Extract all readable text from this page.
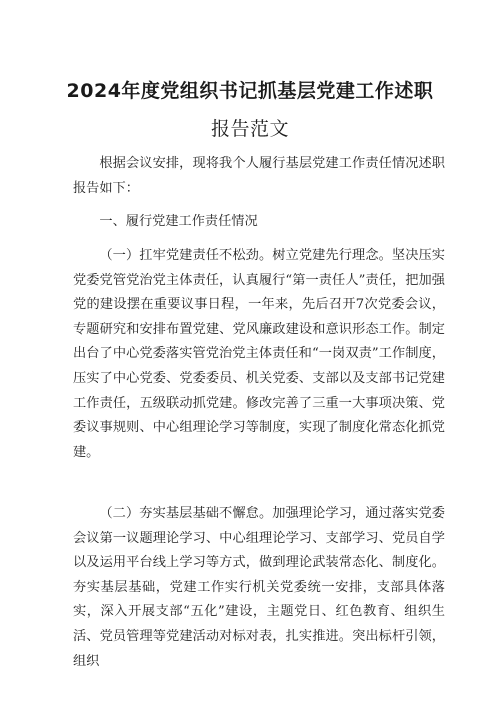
2024年度党组织书记抓基层党建工作述职
报告范文

根据会议安排，现将我个人履行基层党建工作责任情况述职报告如下：

一、履行党建工作责任情况

（一）扛牢党建责任不松劲。树立党建先行理念。坚决压实党委党管党治党主体责任，认真履行“第一责任人”责任，把加强党的建设摆在重要议事日程，一年来，先后召开7次党委会议，专题研究和安排布置党建、党风廉政建设和意识形态工作。制定出台了中心党委落实管党治党主体责任和“一岗双责”工作制度，压实了中心党委、党委委员、机关党委、支部以及支部书记党建工作责任，五级联动抓党建。修改完善了三重一大事项决策、党委议事规则、中心组理论学习等制度，实现了制度化常态化抓党建。

（二）夯实基层基础不懈怠。加强理论学习，通过落实党委会议第一议题理论学习、中心组理论学习、支部学习、党员自学以及运用平台线上学习等方式，做到理论武装常态化、制度化。夯实基层基础，党建工作实行机关党委统一安排，支部具体落实，深入开展支部“五化”建设，主题党日、红色教育、组织生活、党员管理等党建活动对标对表，扎实推进。突出标杆引领，组织
